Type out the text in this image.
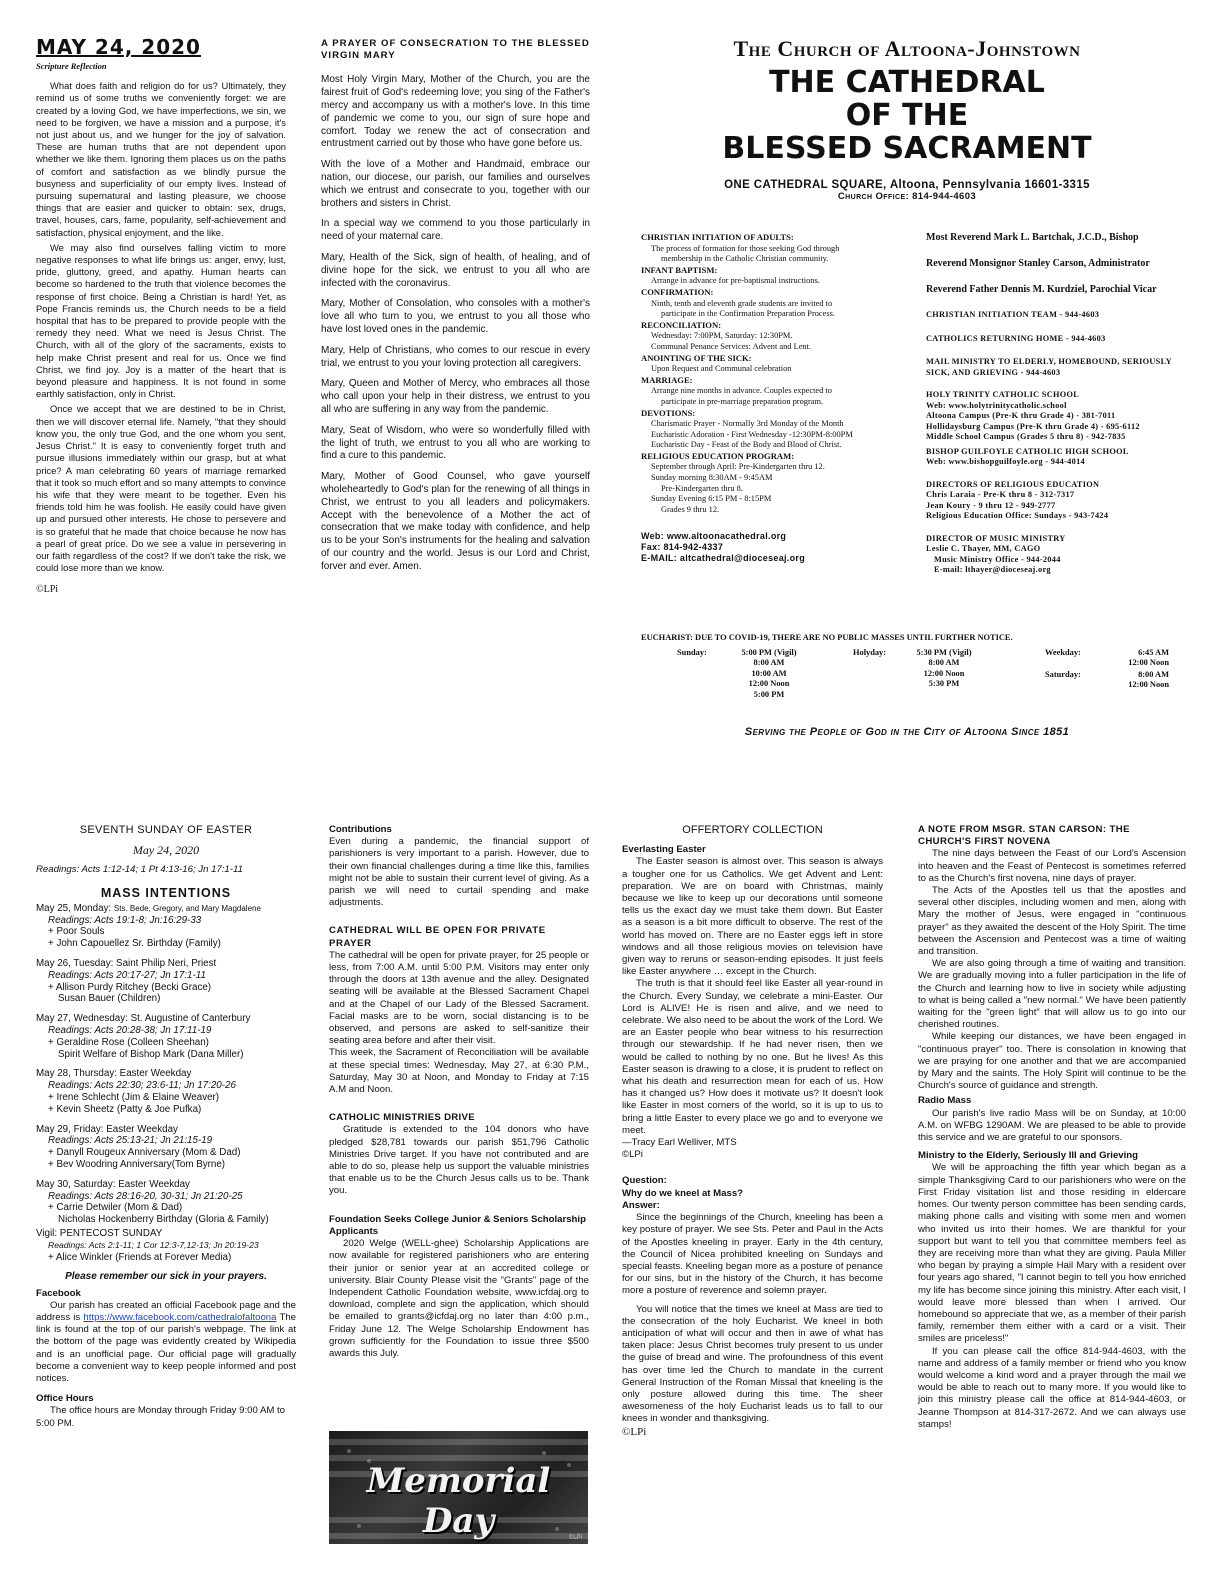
MAY 24, 2020
Scripture Reflection

What does faith and religion do for us? Ultimately, they remind us of some truths we conveniently forget: we are created by a loving God, we have imperfections, we sin, we need to be forgiven, we have a mission and a purpose, it's not just about us, and we hunger for the joy of salvation. These are human truths that are not dependent upon whether we like them. Ignoring them places us on the paths of comfort and satisfaction as we blindly pursue the busyness and superficiality of our empty lives. Instead of pursuing supernatural and lasting pleasure, we choose things that are easier and quicker to obtain: sex, drugs, travel, houses, cars, fame, popularity, self-achievement and satisfaction, physical enjoyment, and the like.

We may also find ourselves falling victim to more negative responses to what life brings us: anger, envy, lust, pride, gluttony, greed, and apathy. Human hearts can become so hardened to the truth that violence becomes the response of first choice. Being a Christian is hard! Yet, as Pope Francis reminds us, the Church needs to be a field hospital that has to be prepared to provide people with the remedy they need. What we need is Jesus Christ. The Church, with all of the glory of the sacraments, exists to help make Christ present and real for us. Once we find Christ, we find joy. Joy is a matter of the heart that is beyond pleasure and happiness. It is not found in some earthly satisfaction, only in Christ.

Once we accept that we are destined to be in Christ, then we will discover eternal life. Namely, "that they should know you, the only true God, and the one whom you sent, Jesus Christ." It is easy to conveniently forget truth and pursue illusions immediately within our grasp, but at what price? A man celebrating 60 years of marriage remarked that it took so much effort and so many attempts to convince his wife that they were meant to be together. Even his friends told him he was foolish. He easily could have given up and pursued other interests. He chose to persevere and is so grateful that he made that choice because he now has a pearl of great price. Do we see a value in persevering in our faith regardless of the cost? If we don't take the risk, we could lose more than we know.

©LPi
A PRAYER OF CONSECRATION TO THE BLESSED VIRGIN MARY

Most Holy Virgin Mary, Mother of the Church, you are the fairest fruit of God's redeeming love; you sing of the Father's mercy and accompany us with a mother's love. In this time of pandemic we come to you, our sign of sure hope and comfort. Today we renew the act of consecration and entrustment carried out by those who have gone before us.

With the love of a Mother and Handmaid, embrace our nation, our diocese, our parish, our families and ourselves which we entrust and consecrate to you, together with our brothers and sisters in Christ.

In a special way we commend to you those particularly in need of your maternal care.

Mary, Health of the Sick, sign of health, of healing, and of divine hope for the sick, we entrust to you all who are infected with the coronavirus.

Mary, Mother of Consolation, who consoles with a mother's love all who turn to you, we entrust to you all those who have lost loved ones in the pandemic.

Mary, Help of Christians, who comes to our rescue in every trial, we entrust to you your loving protection all caregivers.

Mary, Queen and Mother of Mercy, who embraces all those who call upon your help in their distress, we entrust to you all who are suffering in any way from the pandemic.

Mary, Seat of Wisdom, who were so wonderfully filled with the light of truth, we entrust to you all who are working to find a cure to this pandemic.

Mary, Mother of Good Counsel, who gave yourself wholeheartedly to God's plan for the renewing of all things in Christ, we entrust to you all leaders and policymakers. Accept with the benevolence of a Mother the act of consecration that we make today with confidence, and help us to be your Son's instruments for the healing and salvation of our country and the world. Jesus is our Lord and Christ, forver and ever. Amen.

The Church of Altoona-Johnstown
THE CATHEDRAL
OF THE
BLESSED SACRAMENT
ONE CATHEDRAL SQUARE, Altoona, Pennsylvania 16601-3315
Church Office: 814-944-4603
CHRISTIAN INITIATION OF ADULTS:
The process of formation for those seeking God through
membership in the Catholic Christian community.
INFANT BAPTISM:
Arrange in advance for pre-baptismal instructions.
CONFIRMATION:
Ninth, tenth and eleventh grade students are invited to
participate in the Confirmation Preparation Process.
RECONCILIATION:
Wednesday: 7:00PM, Saturday: 12:30PM.
Communal Penance Services: Advent and Lent.
ANOINTING OF THE SICK:
Upon Request and Communal celebration
MARRIAGE:
Arrange nine months in advance. Couples expected to
participate in pre-marriage preparation program.
DEVOTIONS:
Charismatic Prayer - Normally 3rd Monday of the Month
Eucharistic Adoration - First Wednesday -12:30PM-8:00PM
Eucharistic Day - Feast of the Body and Blood of Christ.
RELIGIOUS EDUCATION PROGRAM:
September through April: Pre-Kindergarten thru 12.
Sunday morning 8:30AM - 9:45AM
Pre-Kindergarten thru 8.
Sunday Evening 6:15 PM - 8:15PM
Grades 9 thru 12.
Web: www.altoonacathedral.org
Fax: 814-942-4337
E-MAIL: altcathedral@dioceseaj.org
Most Reverend Mark L. Bartchak, J.C.D., Bishop
Reverend Monsignor Stanley Carson, Administrator
Reverend Father Dennis M. Kurdziel, Parochial Vicar
CHRISTIAN INITIATION TEAM - 944-4603
CATHOLICS RETURNING HOME - 944-4603
MAIL MINISTRY TO ELDERLY, HOMEBOUND, SERIOUSLY SICK, AND GRIEVING - 944-4603
HOLY TRINITY CATHOLIC SCHOOL
Web: www.holytrinitycatholic.school
Altoona Campus (Pre-K thru Grade 4) - 381-7011
Hollidaysburg Campus (Pre-K thru Grade 4) - 695-6112
Middle School Campus (Grades 5 thru 8) - 942-7835
BISHOP GUILFOYLE CATHOLIC HIGH SCHOOL
Web: www.bishopguilfoyle.org - 944-4014
DIRECTORS OF RELIGIOUS EDUCATION
Chris Laraia - Pre-K thru 8 - 312-7317
Jean Koury - 9 thru 12 - 949-2777
Religious Education Office: Sundays - 943-7424
DIRECTOR OF MUSIC MINISTRY
Leslie C. Thayer, MM, CAGO
Music Ministry Office - 944-2044
E-mail: lthayer@dioceseaj.org
EUCHARIST: DUE TO COVID-19, THERE ARE NO PUBLIC MASSES UNTIL FURTHER NOTICE.
Sunday:	5:00 PM (Vigil)
8:00 AM
10:00 AM
12:00 Noon
5:00 PM
Holyday:	5:30 PM (Vigil)
8:00 AM
12:00 Noon
5:30 PM
Weekday:	6:45 AM
12:00 Noon
Saturday:	8:00 AM
12:00 Noon
Serving the People of God in the City of Altoona Since 1851
SEVENTH SUNDAY OF EASTER
May 24, 2020
Readings: Acts 1:12-14; 1 Pt 4:13-16; Jn 17:1-11
MASS INTENTIONS
May 25, Monday: Sts. Bede, Gregory, and Mary Magdalene
Readings: Acts 19:1-8; Jn:16:29-33
+ Poor Souls
+ John Capouellez Sr. Birthday (Family)
May 26, Tuesday: Saint Philip Neri, Priest
Readings: Acts 20:17-27; Jn 17:1-11
+ Allison Purdy Ritchey (Becki Grace)
Susan Bauer (Children)
May 27, Wednesday: St. Augustine of Canterbury
Readings: Acts 20:28-38; Jn 17:11-19
+ Geraldine Rose (Colleen Sheehan)
Spirit Welfare of Bishop Mark (Dana Miller)
May 28, Thursday: Easter Weekday
Readings: Acts 22:30; 23:6-11; Jn 17:20-26
+ Irene Schlecht (Jim & Elaine Weaver)
+ Kevin Sheetz (Patty & Joe Pufka)
May 29, Friday: Easter Weekday
Readings: Acts 25:13-21; Jn 21:15-19
+ Danyll Rougeux Anniversary (Mom & Dad)
+ Bev Woodring Anniversary(Tom Byrne)
May 30, Saturday: Easter Weekday
Readings: Acts 28:16-20, 30-31; Jn 21:20-25
+ Carrie Detwiler (Mom & Dad)
Nicholas Hockenberry Birthday (Gloria & Family)
Vigil: PENTECOST SUNDAY
Readings: Acts 2:1-11; 1 Cor 12:3-7,12-13; Jn 20:19-23
+ Alice Winkler (Friends at Forever Media)
Please remember our sick in your prayers.
Facebook
Our parish has created an official Facebook page and the address is https://www.facebook.com/cathedralofaltoona The link is found at the top of our parish's webpage. The link at the bottom of the page was evidently created by Wikipedia and is an unofficial page. Our official page will gradually become a convenient way to keep people informed and post notices.
Office Hours
The office hours are Monday through Friday 9:00 AM to 5:00 PM.
Contributions
Even during a pandemic, the financial support of parishioners is very important to a parish. However, due to their own financial challenges during a time like this, families might not be able to sustain their current level of giving. As a parish we will need to curtail spending and make adjustments.
CATHEDRAL WILL BE OPEN FOR PRIVATE PRAYER
The cathedral will be open for private prayer, for 25 people or less, from 7:00 A.M. until 5:00 P.M. Visitors may enter only through the doors at 13th avenue and the alley. Designated seating will be available at the Blessed Sacrament Chapel and at the Chapel of our Lady of the Blessed Sacrament. Facial masks are to be worn, social distancing is to be observed, and persons are asked to self-sanitize their seating area before and after their visit.
This week, the Sacrament of Reconciliation will be available at these special times: Wednesday, May 27, at 6:30 P.M., Saturday, May 30 at Noon, and Monday to Friday at 7:15 A.M and Noon.
CATHOLIC MINISTRIES DRIVE
Gratitude is extended to the 104 donors who have pledged $28,781 towards our parish $51,796 Catholic Ministries Drive target. If you have not contributed and are able to do so, please help us support the valuable ministries that enable us to be the Church Jesus calls us to be. Thank you.
Foundation Seeks College Junior & Seniors Scholarship Applicants
2020 Welge (WELL-ghee) Scholarship Applications are now available for registered parishioners who are entering their junior or senior year at an accredited college or university. Blair County Please visit the "Grants" page of the Independent Catholic Foundation website, www.icfdaj.org to download, complete and sign the application, which should be emailed to grants@icfdaj.org no later than 4:00 p.m., Friday June 12. The Welge Scholarship Endowment has grown sufficiently for the Foundation to issue three $500 awards this July.
Memorial Day	©LPi
OFFERTORY COLLECTION
Everlasting Easter
The Easter season is almost over. This season is always a tougher one for us Catholics. We get Advent and Lent: preparation. We are on board with Christmas, mainly because we like to keep up our decorations until someone tells us the exact day we must take them down. But Easter as a season is a bit more difficult to observe. The rest of the world has moved on. There are no Easter eggs left in store windows and all those religious movies on television have given way to reruns or season-ending episodes. It just feels like Easter anywhere … except in the Church.
The truth is that it should feel like Easter all year-round in the Church. Every Sunday, we celebrate a mini-Easter. Our Lord is ALIVE! He is risen and alive, and we need to celebrate. We also need to be about the work of the Lord. We are an Easter people who bear witness to his resurrection through our stewardship. If he had never risen, then we would be called to nothing by no one. But he lives! As this Easter season is drawing to a close, it is prudent to reflect on what his death and resurrection mean for each of us. How has it changed us? How does it motivate us? It doesn't look like Easter in most corners of the world, so it is up to us to bring a little Easter to every place we go and to everyone we meet.
—Tracy Earl Welliver, MTS
©LPi
Question:
Why do we kneel at Mass?
Answer:
Since the beginnings of the Church, kneeling has been a key posture of prayer. We see Sts. Peter and Paul in the Acts of the Apostles kneeling in prayer. Early in the 4th century, the Council of Nicea prohibited kneeling on Sundays and special feasts. Kneeling began more as a posture of penance for our sins, but in the history of the Church, it has become more a posture of reverence and solemn prayer.
You will notice that the times we kneel at Mass are tied to the consecration of the holy Eucharist. We kneel in both anticipation of what will occur and then in awe of what has taken place: Jesus Christ becomes truly present to us under the guise of bread and wine. The profoundness of this event has over time led the Church to mandate in the current General Instruction of the Roman Missal that kneeling is the only posture allowed during this time. The sheer awesomeness of the holy Eucharist leads us to fall to our knees in wonder and thanksgiving.
©LPi
A NOTE FROM MSGR. STAN CARSON: THE CHURCH'S FIRST NOVENA
The nine days between the Feast of our Lord's Ascension into heaven and the Feast of Pentecost is sometimes referred to as the Church's first novena, nine days of prayer.
The Acts of the Apostles tell us that the apostles and several other disciples, including women and men, along with Mary the mother of Jesus, were engaged in "continuous prayer" as they awaited the descent of the Holy Spirit. The time between the Ascension and Pentecost was a time of waiting and transition.
We are also going through a time of waiting and transition. We are gradually moving into a fuller participation in the life of the Church and learning how to live in society while adjusting to what is being called a "new normal." We have been patiently waiting for the "green light" that will allow us to go into our cherished routines.
While keeping our distances, we have been engaged in "continuous prayer" too. There is consolation in knowing that we are praying for one another and that we are accompanied by Mary and the saints. The Holy Spirit will continue to be the Church's source of guidance and strength.
Radio Mass
Our parish's live radio Mass will be on Sunday, at 10:00 A.M. on WFBG 1290AM. We are pleased to be able to provide this service and we are grateful to our sponsors.
Ministry to the Elderly, Seriously Ill and Grieving
We will be approaching the fifth year which began as a simple Thanksgiving Card to our parishioners who were on the First Friday visitation list and those residing in eldercare homes. Our twenty person committee has been sending cards, making phone calls and visiting with some men and women who invited us into their homes. We are thankful for your support but want to tell you that committee members feel as they are receiving more than what they are giving. Paula Miller who began by praying a simple Hail Mary with a resident over four years ago shared, "I cannot begin to tell you how enriched my life has become since joining this ministry. After each visit, I would leave more blessed than when I arrived. Our homebound so appreciate that we, as a member of their parish family, remember them either with a card or a visit. Their smiles are priceless!"
If you can please call the office 814-944-4603, with the name and address of a family member or friend who you know would welcome a kind word and a prayer through the mail we would be able to reach out to many more. If you would like to join this ministry please call the office at 814-944-4603, or Jeanne Thompson at 814-317-2672. And we can always use stamps!
